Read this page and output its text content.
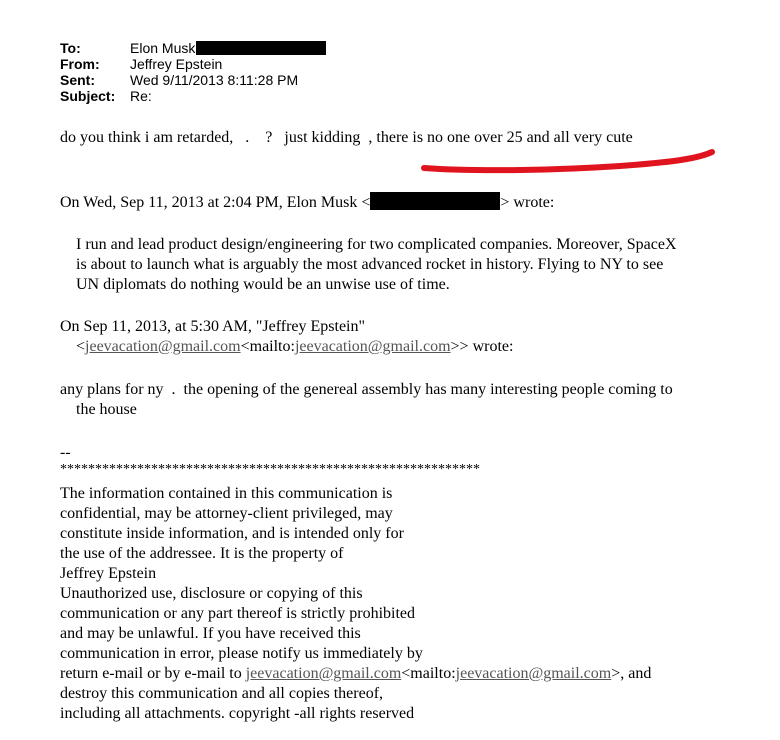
To:	Elon Musk
From:	Jeffrey Epstein
Sent:	Wed 9/11/2013 8:11:28 PM
Subject:	Re:
do you think i am retarded,   .    ?   just kidding  , there is no one over 25 and all very cute
On Wed, Sep 11, 2013 at 2:04 PM, Elon Musk <	> wrote:
I run and lead product design/engineering for two complicated companies. Moreover, SpaceX
is about to launch what is arguably the most advanced rocket in history. Flying to NY to see
UN diplomats do nothing would be an unwise use of time.
On Sep 11, 2013, at 5:30 AM, "Jeffrey Epstein"
<jeevacation@gmail.com<mailto:jeevacation@gmail.com>> wrote:
any plans for ny  .  the opening of the genereal assembly has many interesting people coming to
the house
--
************************************************************
The information contained in this communication is
confidential, may be attorney-client privileged, may
constitute inside information, and is intended only for
the use of the addressee. It is the property of
Jeffrey Epstein
Unauthorized use, disclosure or copying of this
communication or any part thereof is strictly prohibited
and may be unlawful. If you have received this
communication in error, please notify us immediately by
return e-mail or by e-mail to jeevacation@gmail.com<mailto:jeevacation@gmail.com>, and
destroy this communication and all copies thereof,
including all attachments. copyright -all rights reserved
